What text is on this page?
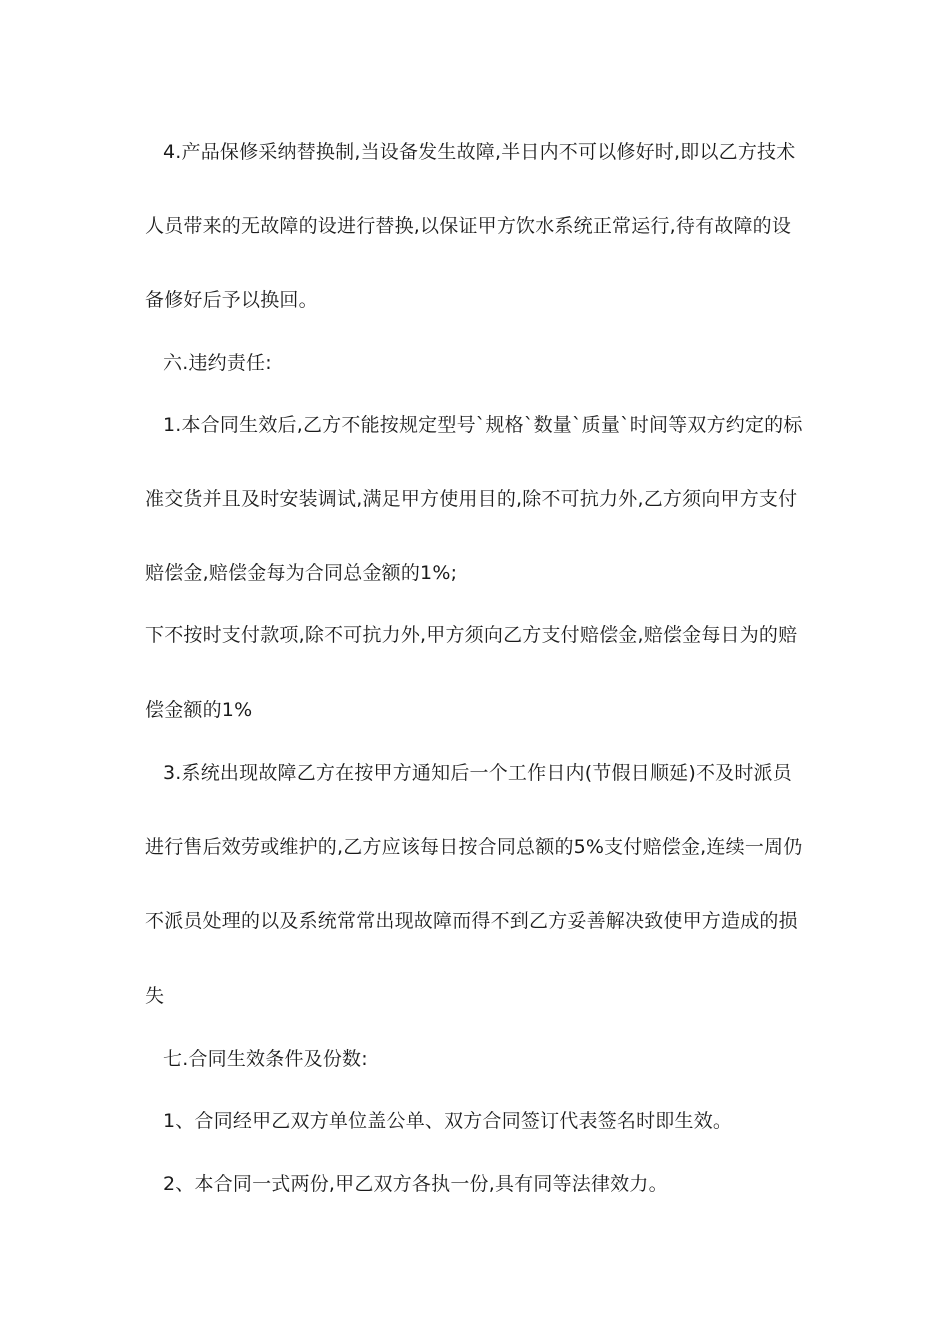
4.产品保修采纳替换制,当设备发生故障,半日内不可以修好时,即以乙方技术
人员带来的无故障的设进行替换,以保证甲方饮水系统正常运行,待有故障的设
备修好后予以换回。
六.违约责任:
1.本合同生效后,乙方不能按规定型号`规格`数量`质量`时间等双方约定的标
准交货并且及时安装调试,满足甲方使用目的,除不可抗力外,乙方须向甲方支付
赔偿金,赔偿金每为合同总金额的1%;
下不按时支付款项,除不可抗力外,甲方须向乙方支付赔偿金,赔偿金每日为的赔
偿金额的1%
3.系统出现故障乙方在按甲方通知后一个工作日内(节假日顺延)不及时派员
进行售后效劳或维护的,乙方应该每日按合同总额的5%支付赔偿金,连续一周仍
不派员处理的以及系统常常出现故障而得不到乙方妥善解决致使甲方造成的损
失
七.合同生效条件及份数:
1、合同经甲乙双方单位盖公单、双方合同签订代表签名时即生效。
2、本合同一式两份,甲乙双方各执一份,具有同等法律效力。
